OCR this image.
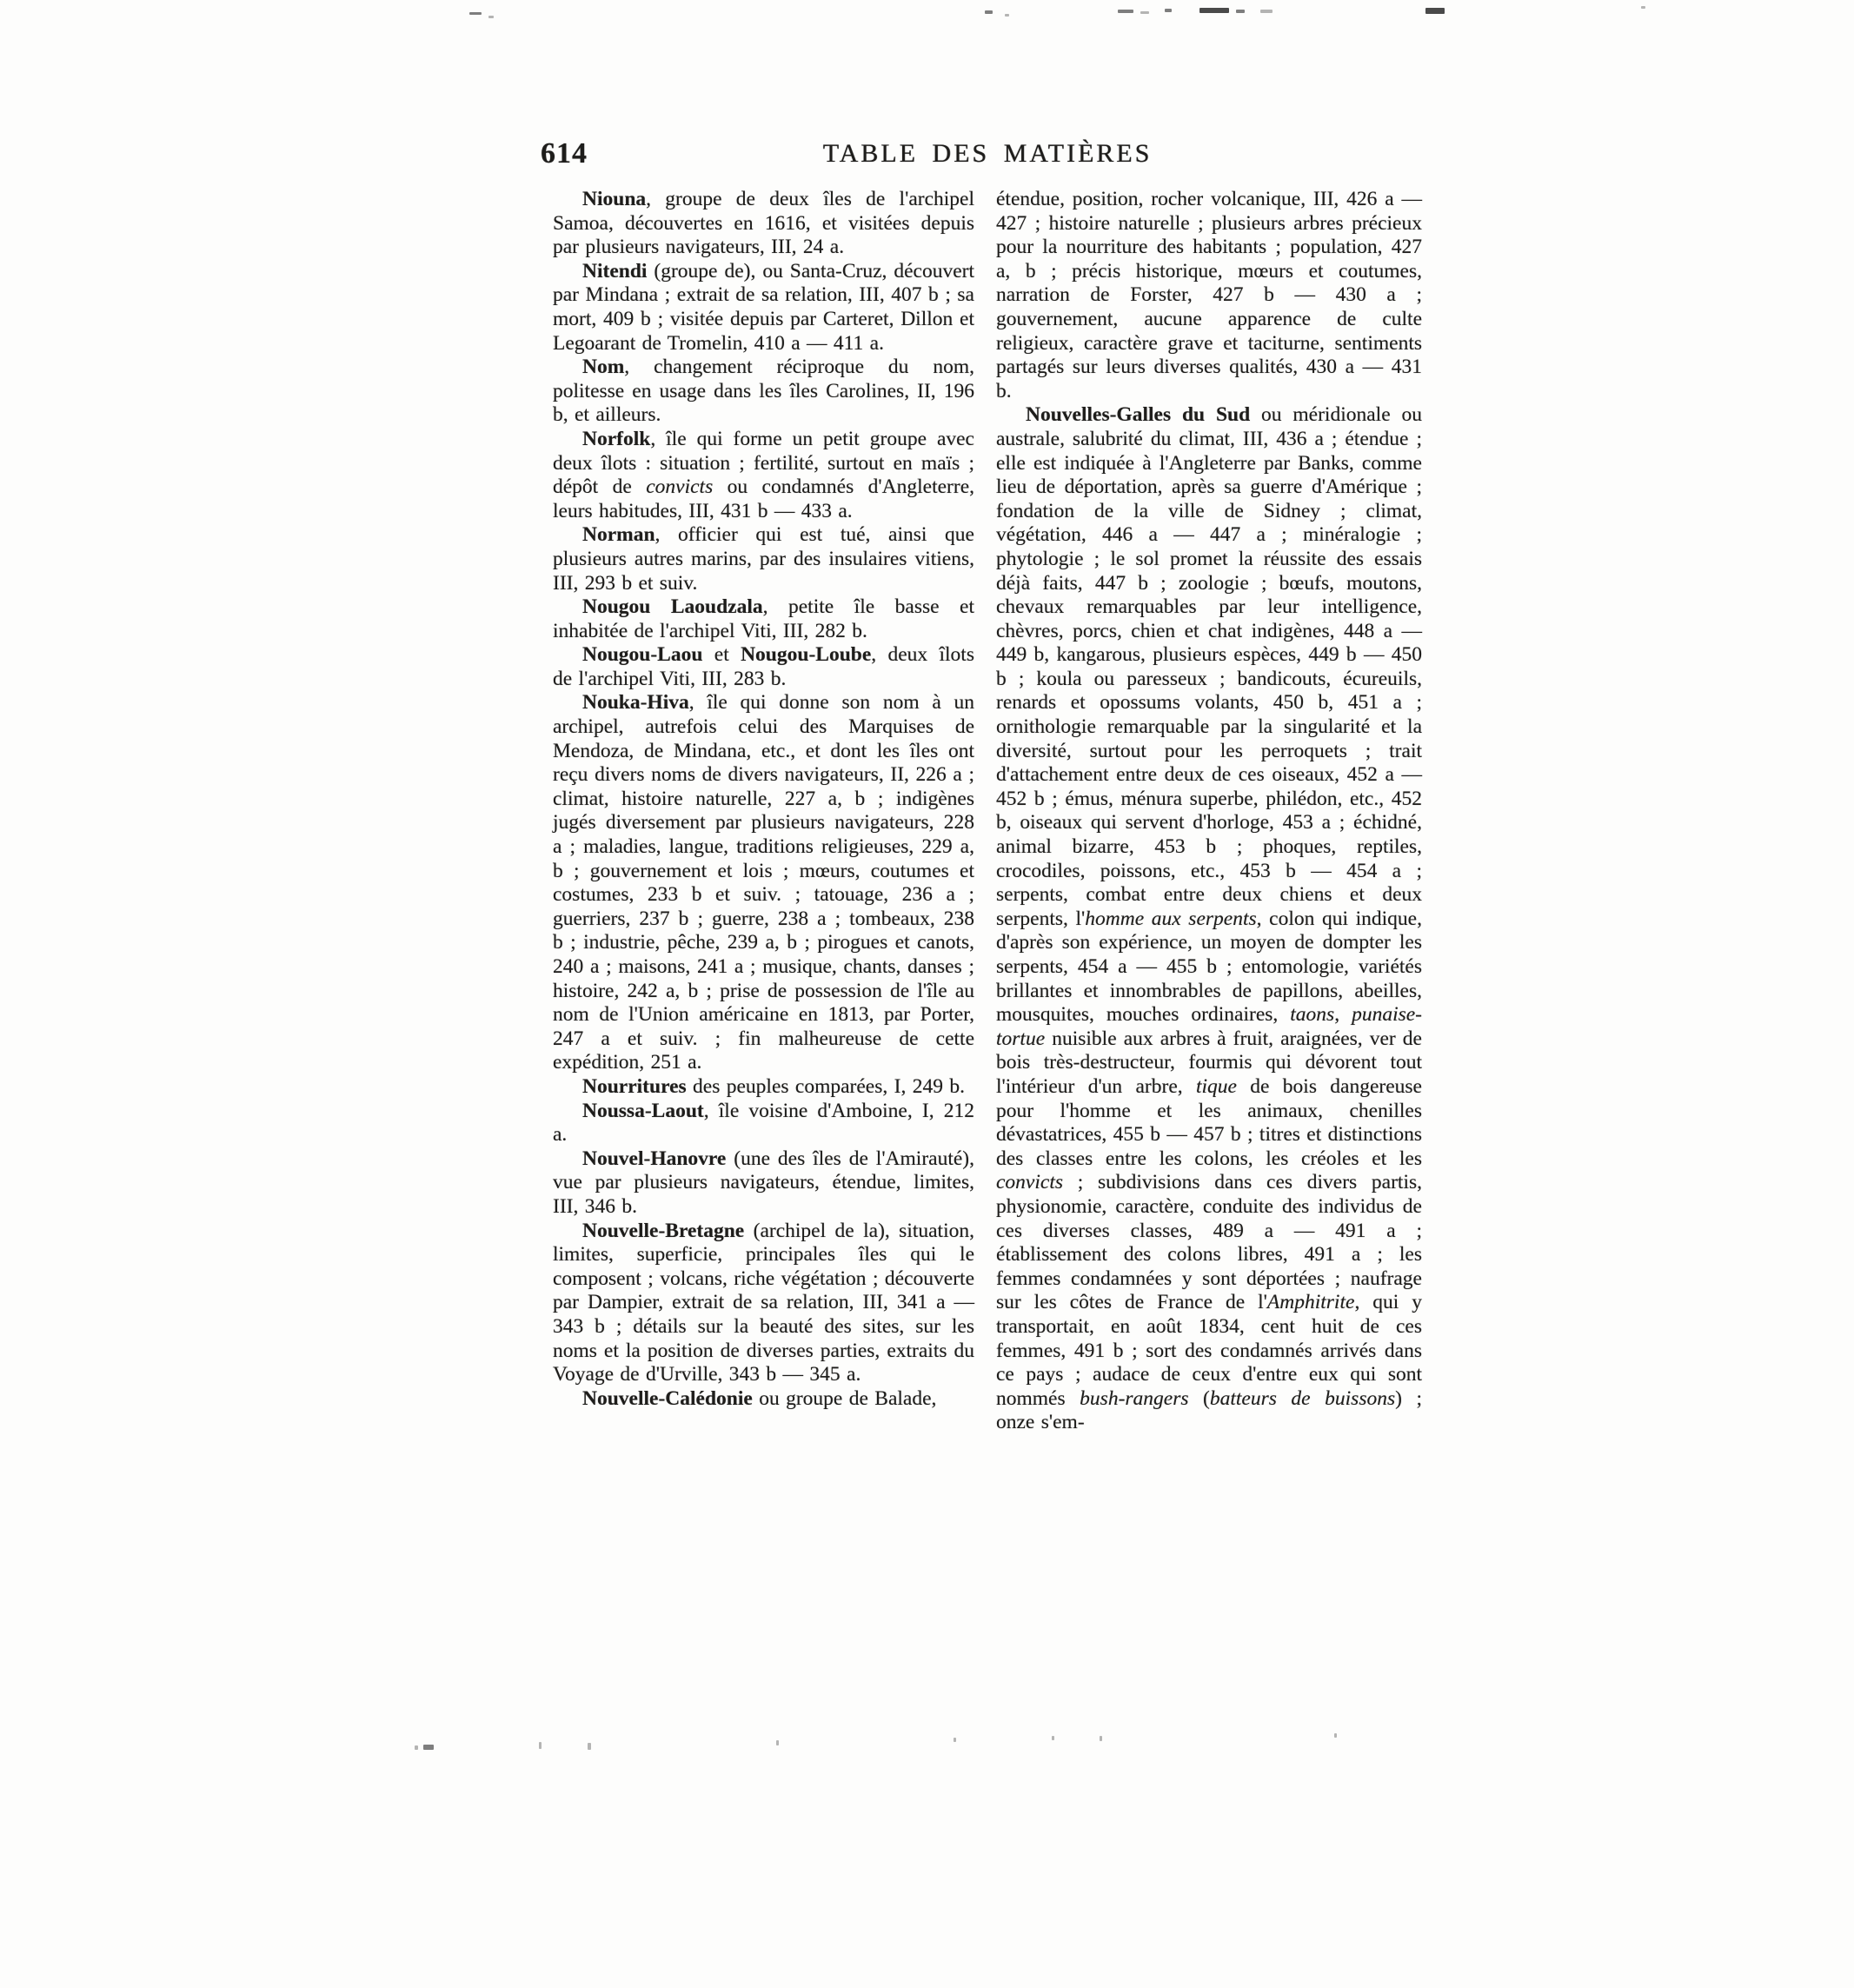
614	TABLE DES MATIÈRES

Niouna, groupe de deux îles de l'archipel Samoa, découvertes en 1616, et visitées depuis par plusieurs navigateurs, III, 24 a.

Nitendi (groupe de), ou Santa-Cruz, découvert par Mindana ; extrait de sa relation, III, 407 b ; sa mort, 409 b ; visitée depuis par Carteret, Dillon et Legoarant de Tromelin, 410 a — 411 a.

Nom, changement réciproque du nom, politesse en usage dans les îles Carolines, II, 196 b, et ailleurs.

Norfolk, île qui forme un petit groupe avec deux îlots : situation ; fertilité, surtout en maïs ; dépôt de convicts ou condamnés d'Angleterre, leurs habitudes, III, 431 b — 433 a.

Norman, officier qui est tué, ainsi que plusieurs autres marins, par des insulaires vitiens, III, 293 b et suiv.

Nougou Laoudzala, petite île basse et inhabitée de l'archipel Viti, III, 282 b.

Nougou-Laou et Nougou-Loube, deux îlots de l'archipel Viti, III, 283 b.

Nouka-Hiva, île qui donne son nom à un archipel, autrefois celui des Marquises de Mendoza, de Mindana, etc., et dont les îles ont reçu divers noms de divers navigateurs, II, 226 a ; climat, histoire naturelle, 227 a, b ; indigènes jugés diversement par plusieurs navigateurs, 228 a ; maladies, langue, traditions religieuses, 229 a, b ; gouvernement et lois ; mœurs, coutumes et costumes, 233 b et suiv. ; tatouage, 236 a ; guerriers, 237 b ; guerre, 238 a ; tombeaux, 238 b ; industrie, pêche, 239 a, b ; pirogues et canots, 240 a ; maisons, 241 a ; musique, chants, danses ; histoire, 242 a, b ; prise de possession de l'île au nom de l'Union américaine en 1813, par Porter, 247 a et suiv. ; fin malheureuse de cette expédition, 251 a.

Nourritures des peuples comparées, I, 249 b.

Noussa-Laout, île voisine d'Amboine, I, 212 a.

Nouvel-Hanovre (une des îles de l'Amirauté), vue par plusieurs navigateurs, étendue, limites, III, 346 b.

Nouvelle-Bretagne (archipel de la), situation, limites, superficie, principales îles qui le composent ; volcans, riche végétation ; découverte par Dampier, extrait de sa relation, III, 341 a — 343 b ; détails sur la beauté des sites, sur les noms et la position de diverses parties, extraits du Voyage de d'Urville, 343 b — 345 a.

Nouvelle-Calédonie ou groupe de Balade,

étendue, position, rocher volcanique, III, 426 a — 427 ; histoire naturelle ; plusieurs arbres précieux pour la nourriture des habitants ; population, 427 a, b ; précis historique, mœurs et coutumes, narration de Forster, 427 b — 430 a ; gouvernement, aucune apparence de culte religieux, caractère grave et taciturne, sentiments partagés sur leurs diverses qualités, 430 a — 431 b.

Nouvelles-Galles du Sud ou méridionale ou australe, salubrité du climat, III, 436 a ; étendue ; elle est indiquée à l'Angleterre par Banks, comme lieu de déportation, après sa guerre d'Amérique ; fondation de la ville de Sidney ; climat, végétation, 446 a — 447 a ; minéralogie ; phytologie ; le sol promet la réussite des essais déjà faits, 447 b ; zoologie ; bœufs, moutons, chevaux remarquables par leur intelligence, chèvres, porcs, chien et chat indigènes, 448 a — 449 b, kangarous, plusieurs espèces, 449 b — 450 b ; koula ou paresseux ; bandicouts, écureuils, renards et opossums volants, 450 b, 451 a ; ornithologie remarquable par la singularité et la diversité, surtout pour les perroquets ; trait d'attachement entre deux de ces oiseaux, 452 a — 452 b ; émus, ménura superbe, philédon, etc., 452 b, oiseaux qui servent d'horloge, 453 a ; échidné, animal bizarre, 453 b ; phoques, reptiles, crocodiles, poissons, etc., 453 b — 454 a ; serpents, combat entre deux chiens et deux serpents, l'homme aux serpents, colon qui indique, d'après son expérience, un moyen de dompter les serpents, 454 a — 455 b ; entomologie, variétés brillantes et innombrables de papillons, abeilles, mousquites, mouches ordinaires, taons, punaise-tortue nuisible aux arbres à fruit, araignées, ver de bois très-destructeur, fourmis qui dévorent tout l'intérieur d'un arbre, tique de bois dangereuse pour l'homme et les animaux, chenilles dévastatrices, 455 b — 457 b ; titres et distinctions des classes entre les colons, les créoles et les convicts ; subdivisions dans ces divers partis, physionomie, caractère, conduite des individus de ces diverses classes, 489 a — 491 a ; établissement des colons libres, 491 a ; les femmes condamnées y sont déportées ; naufrage sur les côtes de France de l'Amphitrite, qui y transportait, en août 1834, cent huit de ces femmes, 491 b ; sort des condamnés arrivés dans ce pays ; audace de ceux d'entre eux qui sont nommés bush-rangers (batteurs de buissons) ; onze s'em-
